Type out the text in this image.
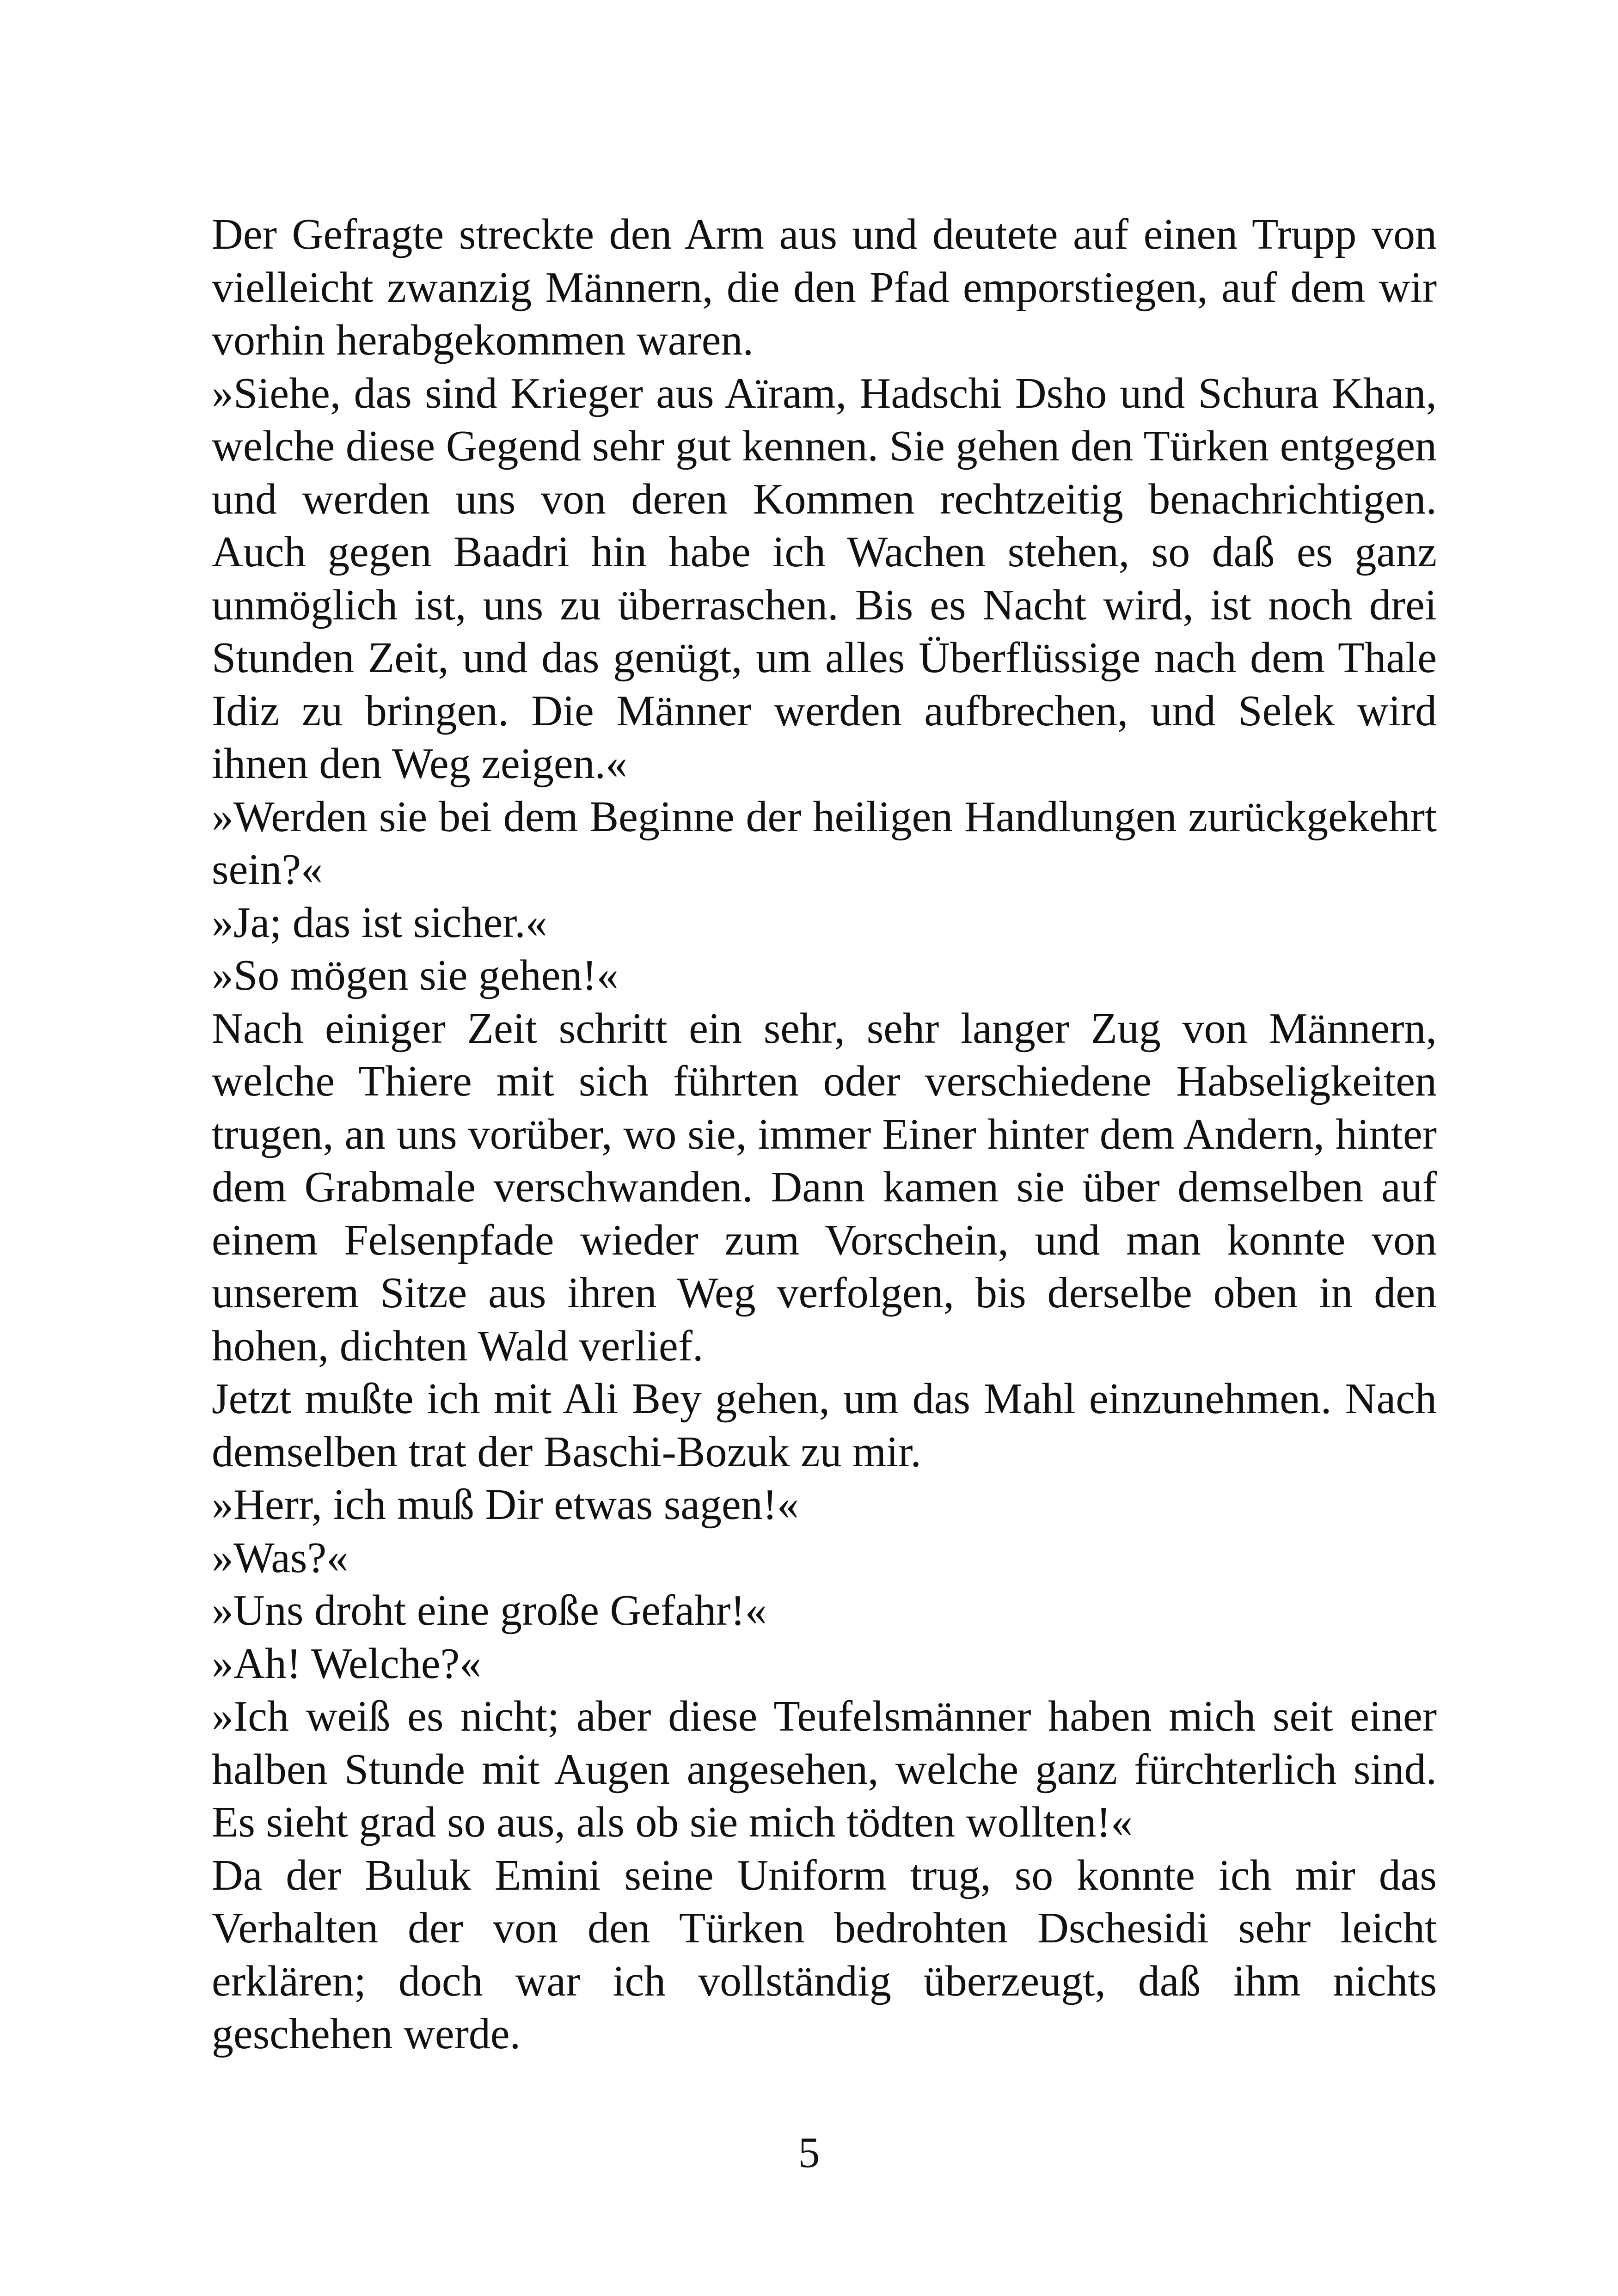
Der Gefragte streckte den Arm aus und deutete auf einen Trupp von vielleicht zwanzig Männern, die den Pfad emporstiegen, auf dem wir vorhin herabgekommen waren.

»Siehe, das sind Krieger aus Aïram, Hadschi Dsho und Schura Khan, welche diese Gegend sehr gut kennen. Sie gehen den Türken entgegen und werden uns von deren Kommen rechtzeitig benachrichtigen. Auch gegen Baadri hin habe ich Wachen stehen, so daß es ganz unmöglich ist, uns zu überraschen. Bis es Nacht wird, ist noch drei Stunden Zeit, und das genügt, um alles Überflüssige nach dem Thale Idiz zu bringen. Die Männer werden aufbrechen, und Selek wird ihnen den Weg zeigen.«

»Werden sie bei dem Beginne der heiligen Handlungen zurückgekehrt sein?«

»Ja; das ist sicher.«

»So mögen sie gehen!«

Nach einiger Zeit schritt ein sehr, sehr langer Zug von Männern, welche Thiere mit sich führten oder verschiedene Habseligkeiten trugen, an uns vorüber, wo sie, immer Einer hinter dem Andern, hinter dem Grabmale verschwanden. Dann kamen sie über demselben auf einem Felsenpfade wieder zum Vorschein, und man konnte von unserem Sitze aus ihren Weg verfolgen, bis derselbe oben in den hohen, dichten Wald verlief.

Jetzt mußte ich mit Ali Bey gehen, um das Mahl einzunehmen. Nach demselben trat der Baschi-Bozuk zu mir.

»Herr, ich muß Dir etwas sagen!«

»Was?«

»Uns droht eine große Gefahr!«

»Ah! Welche?«

»Ich weiß es nicht; aber diese Teufelsmänner haben mich seit einer halben Stunde mit Augen angesehen, welche ganz fürchterlich sind. Es sieht grad so aus, als ob sie mich tödten wollten!«

Da der Buluk Emini seine Uniform trug, so konnte ich mir das Verhalten der von den Türken bedrohten Dschesidi sehr leicht erklären; doch war ich vollständig überzeugt, daß ihm nichts geschehen werde.

5
